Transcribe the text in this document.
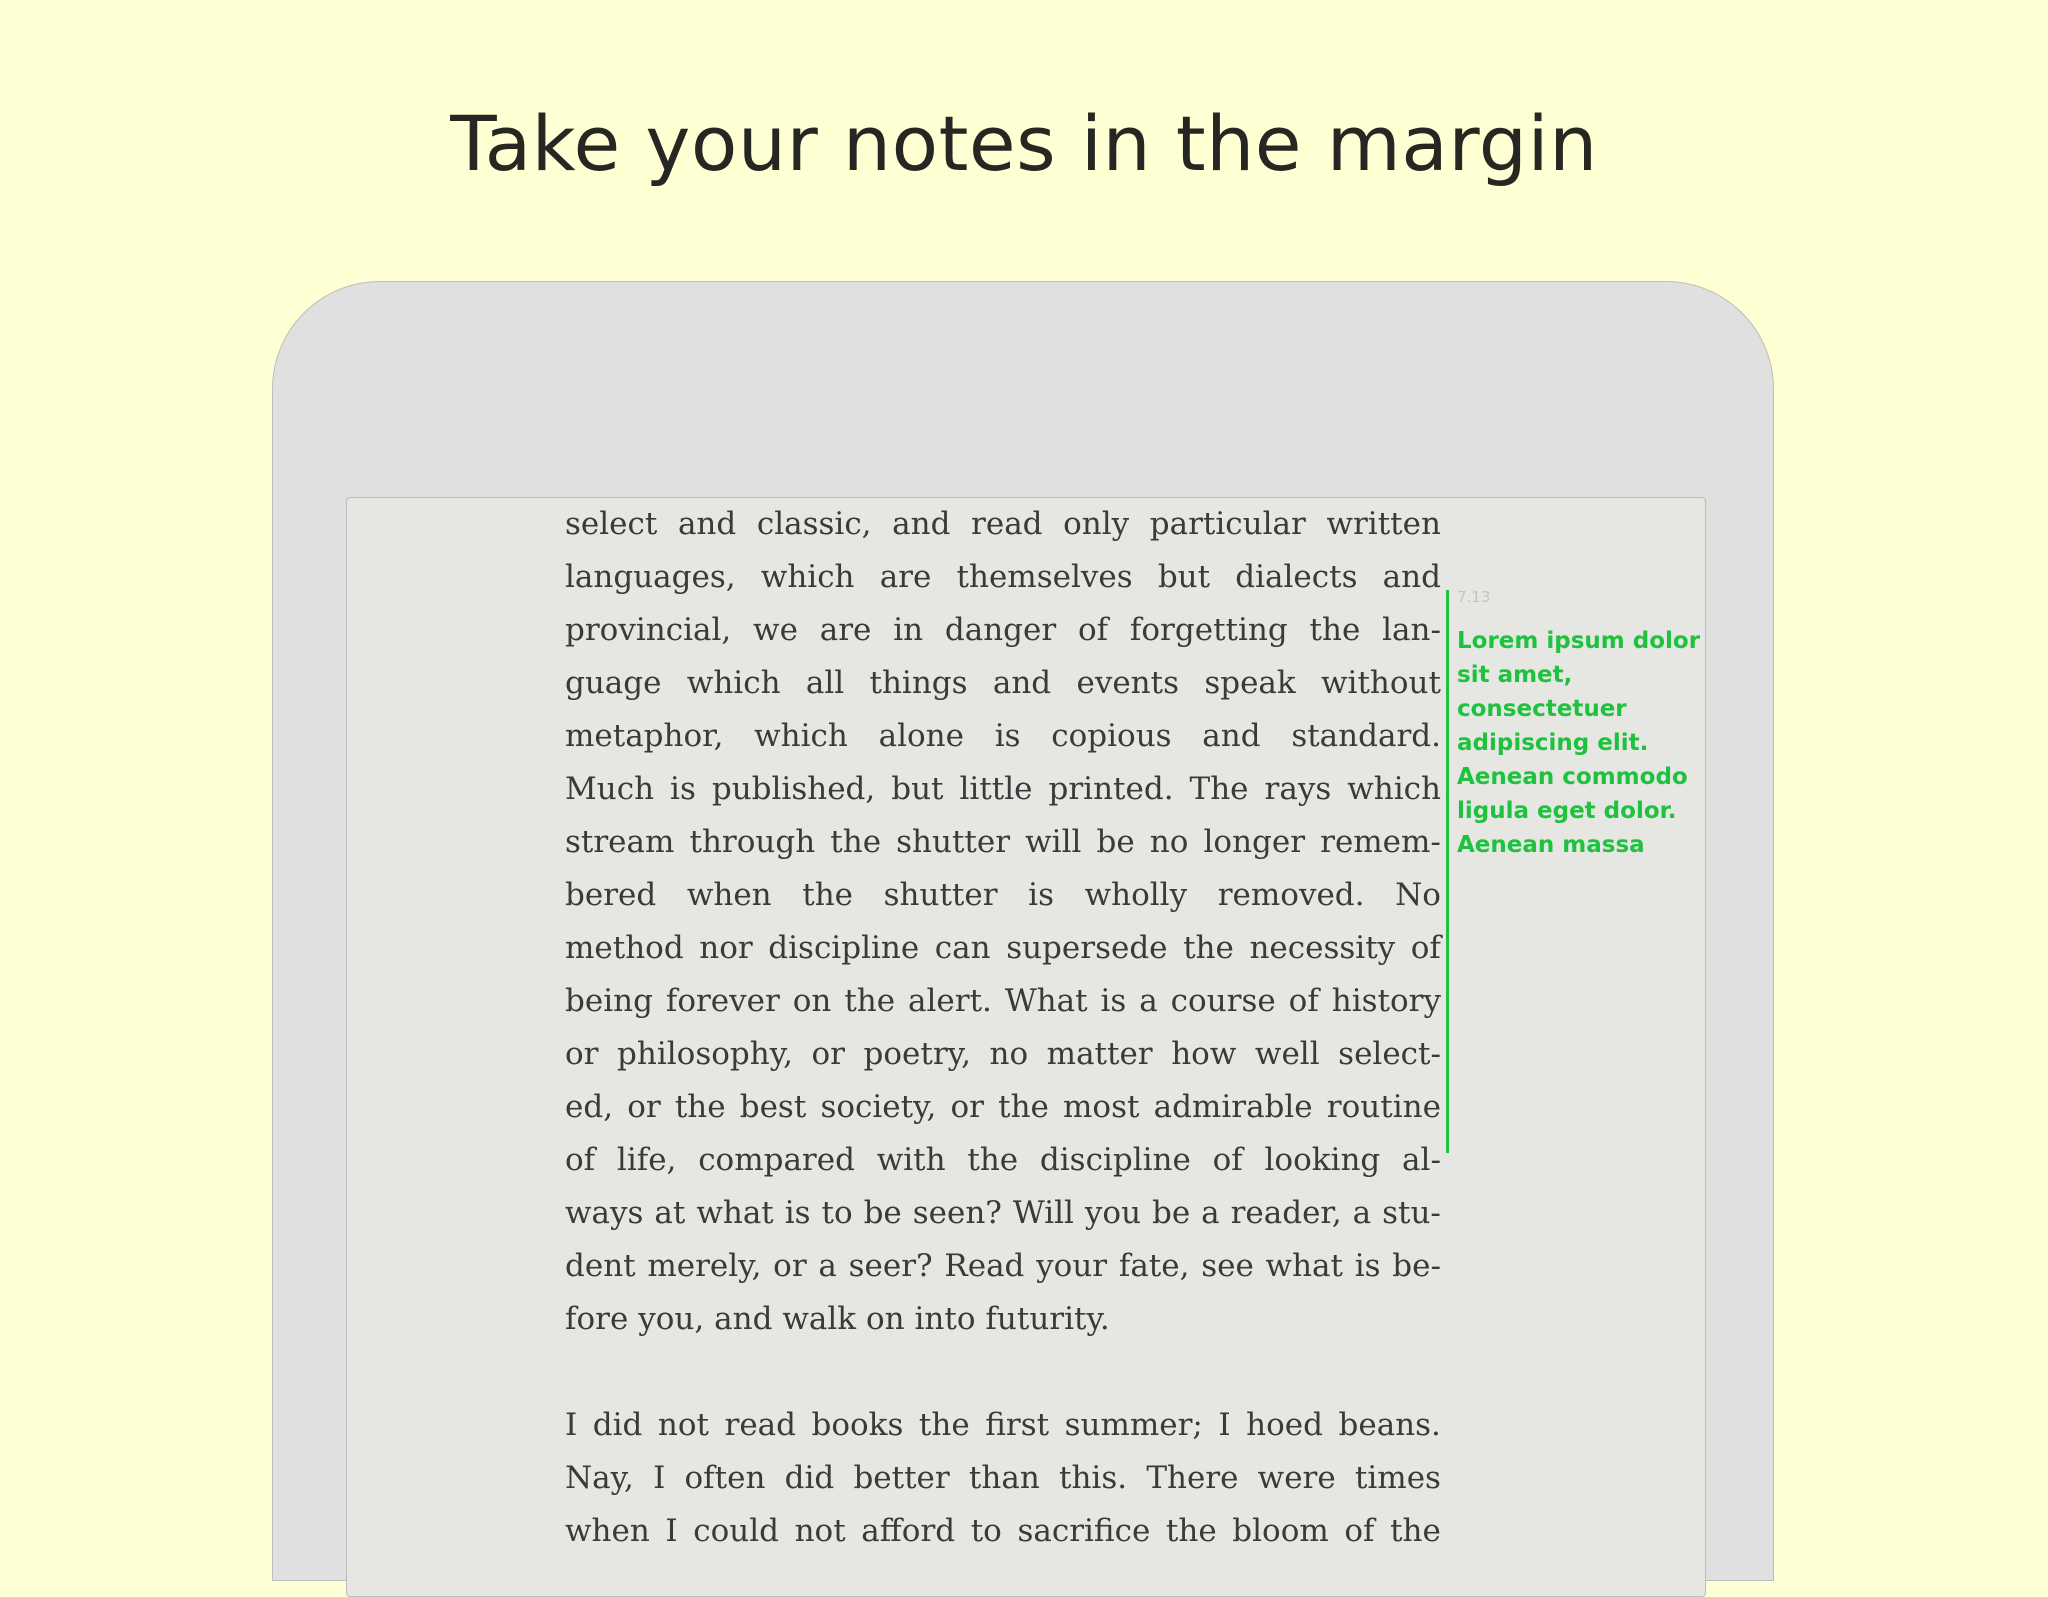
Take your notes in the margin
select and classic, and read only particular written
languages, which are themselves but dialects and
provincial, we are in danger of forgetting the lan-
guage which all things and events speak without
metaphor, which alone is copious and standard.
Much is published, but little printed. The rays which
stream through the shutter will be no longer remem-
bered when the shutter is wholly removed. No
method nor discipline can supersede the necessity of
being forever on the alert. What is a course of history
or philosophy, or poetry, no matter how well select-
ed, or the best society, or the most admirable routine
of life, compared with the discipline of looking al-
ways at what is to be seen? Will you be a reader, a stu-
dent merely, or a seer? Read your fate, see what is be-
fore you, and walk on into futurity.
I did not read books the first summer; I hoed beans.
Nay, I often did better than this. There were times
when I could not afford to sacrifice the bloom of the
7.13
Lorem ipsum dolor
sit amet,
consectetuer
adipiscing elit.
Aenean commodo
ligula eget dolor.
Aenean massa
